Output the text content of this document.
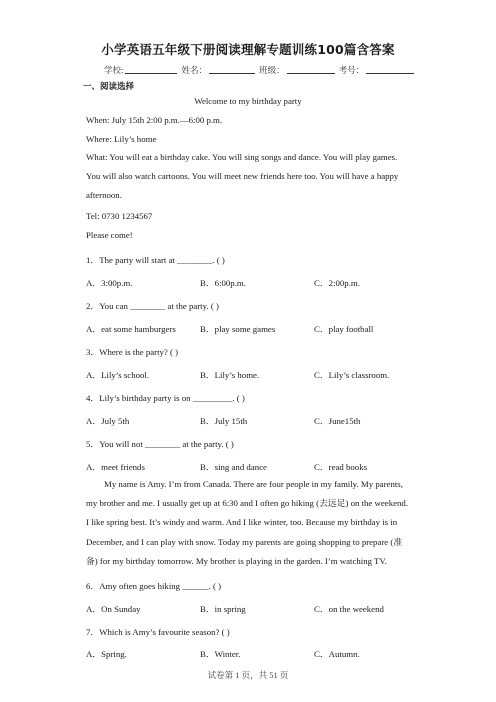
小学英语五年级下册阅读理解专题训练100篇含答案
学校:	姓名：	班级：	考号：
一、阅读选择
Welcome to my birthday party
When: July 15th 2:00 p.m.—6:00 p.m.
Where: Lily’s home
What: You will eat a birthday cake. You will sing songs and dance. You will play games. You will also watch cartoons. You will meet new friends here too. You will have a happy afternoon.
Tel: 0730 1234567
Please come!
1．The party will start at ________. ( )
A．3:00p.m.	B．6:00p.m.	C．2:00p.m.
2．You can ________ at the party. ( )
A．eat some hamburgers	B．play some games	C．play football
3．Where is the party? ( )
A．Lily’s school.	B．Lily’s home.	C．Lily’s classroom.
4．Lily’s birthday party is on _________. ( )
A．July 5th	B．July 15th	C．June15th
5．You will not ________ at the party. ( )
A．meet friends	B．sing and dance	C．read books
My name is Amy. I’m from Canada. There are four people in my family. My parents, my brother and me. I usually get up at 6:30 and I often go hiking (去远足) on the weekend. I like spring best. It’s windy and warm. And I like winter, too. Because my birthday is in December, and I can play with snow. Today my parents are going shopping to prepare (准备) for my birthday tomorrow. My brother is playing in the garden. I’m watching TV.
6．Amy often goes hiking ______. ( )
A．On Sunday	B．in spring	C．on the weekend
7．Which is Amy’s favourite season? ( )
A．Spring.	B．Winter.	C．Autumn.
试卷第 1 页，共 51 页
